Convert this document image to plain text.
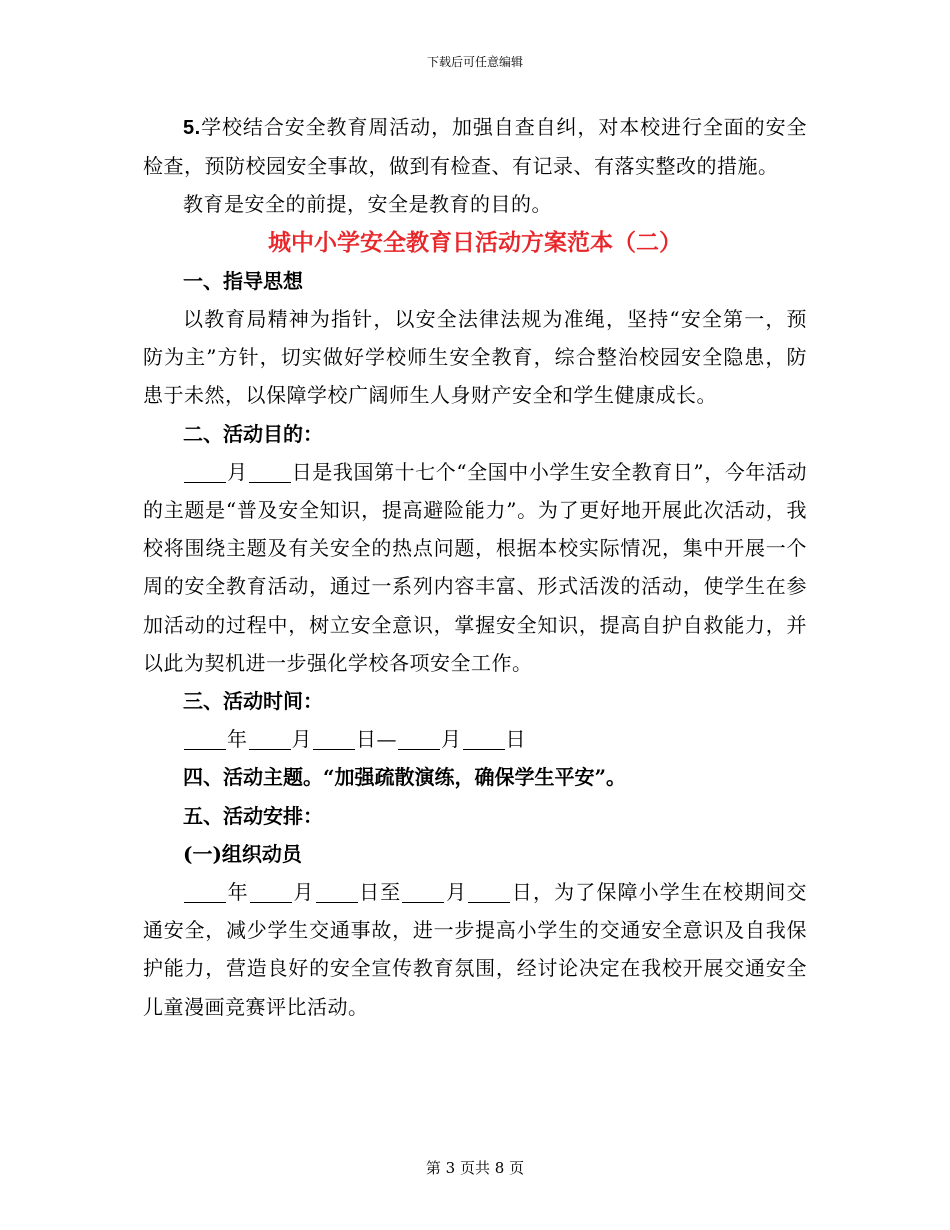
下载后可任意编辑

5.学校结合安全教育周活动，加强自查自纠，对本校进行全面的安全检查，预防校园安全事故，做到有检查、有记录、有落实整改的措施。

教育是安全的前提，安全是教育的目的。

城中小学安全教育日活动方案范本（二）

一、指导思想

以教育局精神为指针，以安全法律法规为准绳，坚持“安全第一，预防为主”方针，切实做好学校师生安全教育，综合整治校园安全隐患，防患于未然，以保障学校广阔师生人身财产安全和学生健康成长。

二、活动目的：

月 日是我国第十七个“全国中小学生安全教育日”，今年活动的主题是“普及安全知识，提高避险能力”。为了更好地开展此次活动，我校将围绕主题及有关安全的热点问题，根据本校实际情况，集中开展一个周的安全教育活动，通过一系列内容丰富、形式活泼的活动，使学生在参加活动的过程中，树立安全意识，掌握安全知识，提高自护自救能力，并以此为契机进一步强化学校各项安全工作。

三、活动时间：

年 月 日— 月 日

四、活动主题。“加强疏散演练，确保学生平安”。

五、活动安排：

(一)组织动员

年 月 日至 月 日，为了保障小学生在校期间交通安全，减少学生交通事故，进一步提高小学生的交通安全意识及自我保护能力，营造良好的安全宣传教育氛围，经讨论决定在我校开展交通安全儿童漫画竞赛评比活动。

第 3 页共 8 页
